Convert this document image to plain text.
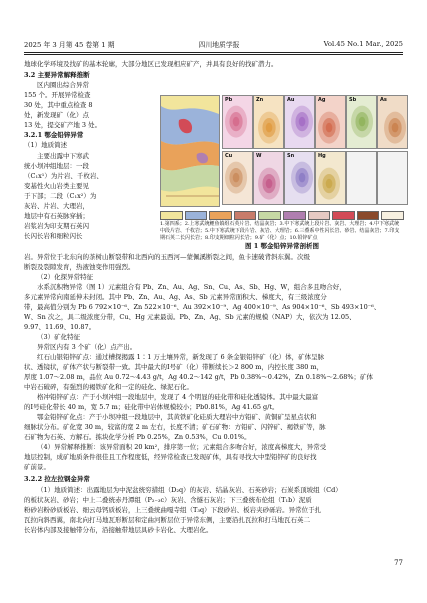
2025 年 3 月第 45 卷第 1 期	四川地质学报	Vol.45 No.1 Mar., 2025
地球化学环境及找矿的基本轮廓，大部分地区已发现相应矿产，并具有良好的找矿潜力。
3.2 主要异常解释推断
区内圈出综合异常
155 个。开展异常检查
30 处，其中重点检查 8
处，新发现矿（化）点
13 处，提交矿产地 3 处。
3.2.1 鄂金铅锌异常
（1）地质简述
主要出露中下寒武
统小坝冲组地层：一段
（C₁x¹）为片岩、千枚岩、
变基性火山岩类主要见
于下部；二段（C₁x²）为
灰岩、片岩、大理岩，
地层中有石英脉穿插；
岩浆岩为印支期石英闪
长闪长岩和细粒闪长
Pb	Zn	Au	Ag	Sb	As
Cu	W	Sn	Hg
1.第四系；2.上寒武统鲤鱼镇组石英片岩、结晶灰岩；3.中下寒武统上段片岩、灰岩、大理岩；4.中下寒武统中段片岩、千枚岩；5.中下寒武统下段片岩、灰岩、大理岩；6.三叠系中性闪长岩、砂岩、结晶灰岩；7.印支期石英二长闪长岩；8.印支期细粒闪长岩；9.矿（化）点；10.铅锌矿点
图 1 鄂金铅锌异常剖析图
岩。异常位于北东向的茶树山断裂带和北西向的玉西河—蒙佩溪断裂之间，鱼卡速破背斜东翼。次级
断裂及裂隙发育，热液蚀变作用强烈。
（2）化探异常特征
水系沉积物异常（图 1）元素组合有 Pb、Zn、Au、Ag、Sn、Cu、As、Sb、Hg、W，组合多且吻合好，
多元素异常向南延伸未封闭。其中 Pb、Zn、Au、Ag、As、Sb 元素异常面积大、梯度大，有三级浓度分
带，最高值分别为 Pb 6 792×10⁻⁶、Zn 522×10⁻⁶、Au 392×10⁻⁹、Ag 400×10⁻⁹、As 904×10⁻⁶、Sb 493×10⁻⁶、
W、Sn 次之，具二级浓度分带，Cu、Hg 元素最弱。Pb、Zn、Ag、Sb 元素的规模（NAP）大，依次为 12.05、
9.97、11.69、10.87。
（3）矿化特征
异常区内有 3 个矿（化）点产出。
红石山银铅锌矿点：通过槽探揭露 1∶1 万土壤异常，新发现了 6 条金银铅锌矿（化）体，矿体呈脉
状、透镜状，矿体产状与断裂带一致。其中最大的Ⅰ号矿（化）带断续长＞2 800 m，内控长度 380 m，
厚度 1.07～2.08 m，品位 Au 0.72～4.43 g/t，Ag 40.2～142 g/t，Pb 0.38%～0.42%，Zn 0.18%～2.68%；矿体
中岩石破碎，有强烈的褐铁矿化和一定的硅化、绿泥石化。
格冲铅锌矿点：产于小坝冲组一段地层中，发现了 4 个明显的硅化带和硅化透镜体。其中最大最富
的Ⅰ号硅化带长 40 m，宽 5.7 m；硅化带中岩体规模较小；Pb0.81%，Ag 41.65 g/t。
鄂金铅锌矿化点：产于小坝冲组一段地层中，其黄铁矿化硅质大理岩中方铅矿、黄铜矿呈星点状和
细脉状分布。矿化宽 30 m，较富的宽 2 m 左右，长度不清；矿石矿物：方铅矿、闪锌矿、褐铁矿等，脉
石矿物为石英、方解石。拣块化学分析 Pb 0.25%，Zn 0.53%，Cu 0.01%。
（4）异常解释推断：该异常面积 20 km²，排序第一位；元素组合多吻合好，浓度高梯度大，异常受
地层控制，成矿地质条件很佳且工作程度低，经异常检查已发现矿体，具有寻找大中型铅锌矿的良好找
矿前景。
3.2.2 拉左拉钢金异常
（1）地质简述：出露地层为中泥盆统穷措组（D₂q）的灰岩、结晶灰岩、石英砂岩；石炭系顶坡组（Cd）
的板状灰岩、砂岩；中上二叠统赤丹潭组（P₂₋₃c）灰岩、含燧石灰岩；下三叠统布伦组（T₁b）泥质
粉砂岩粉砂质板岩、细云母钙质板岩，上三叠统曲嘎寺组（T₃q）下段砂岩、板岩夹砂砾岩。异常位于扎
瓦拉向斜西翼，南北向打马地瓦形断层和定曲河断层位于异常东侧，主要沿扎瓦拉和打马地瓦石英二
长岩体内部及接触带分布，沿接触带地层具砂卡岩化、大理岩化。
77
